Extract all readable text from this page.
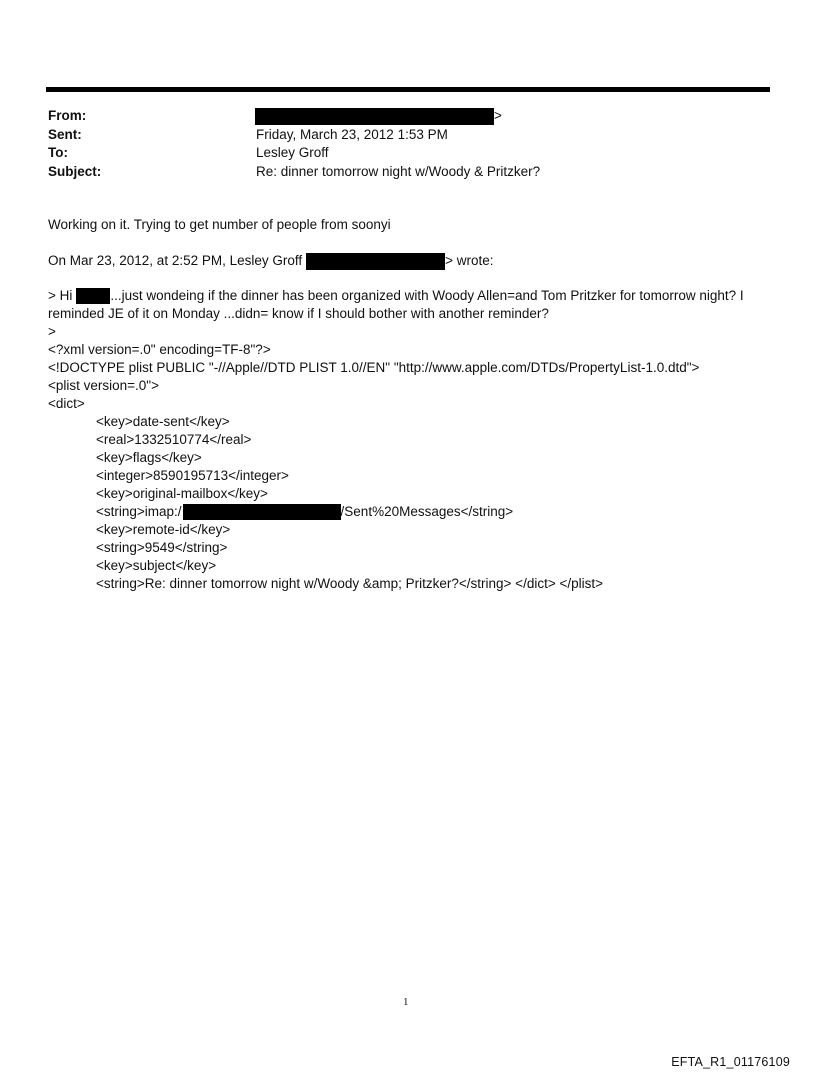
From:	>
Sent:	Friday, March 23, 2012 1:53 PM
To:	Lesley Groff
Subject:	Re: dinner tomorrow night w/Woody & Pritzker?
Working on it. Trying to get number of people from soonyi
On Mar 23, 2012, at 2:52 PM, Lesley Groff	> wrote:
> Hi	...just wondeing if the dinner has been organized with Woody Allen=and Tom Pritzker for tomorrow night? I
reminded JE of it on Monday ...didn= know if I should bother with another reminder?
>
<?xml version=.0" encoding=TF-8"?>
<!DOCTYPE plist PUBLIC "-//Apple//DTD PLIST 1.0//EN" "http://www.apple.com/DTDs/PropertyList-1.0.dtd">
<plist version=.0">
<dict>
<key>date-sent</key>
<real>1332510774</real>
<key>flags</key>
<integer>8590195713</integer>
<key>original-mailbox</key>
<string>imap:/	/Sent%20Messages</string>
<key>remote-id</key>
<string>9549</string>
<key>subject</key>
<string>Re: dinner tomorrow night w/Woody &amp; Pritzker?</string> </dict> </plist>
1
EFTA_R1_01176109
